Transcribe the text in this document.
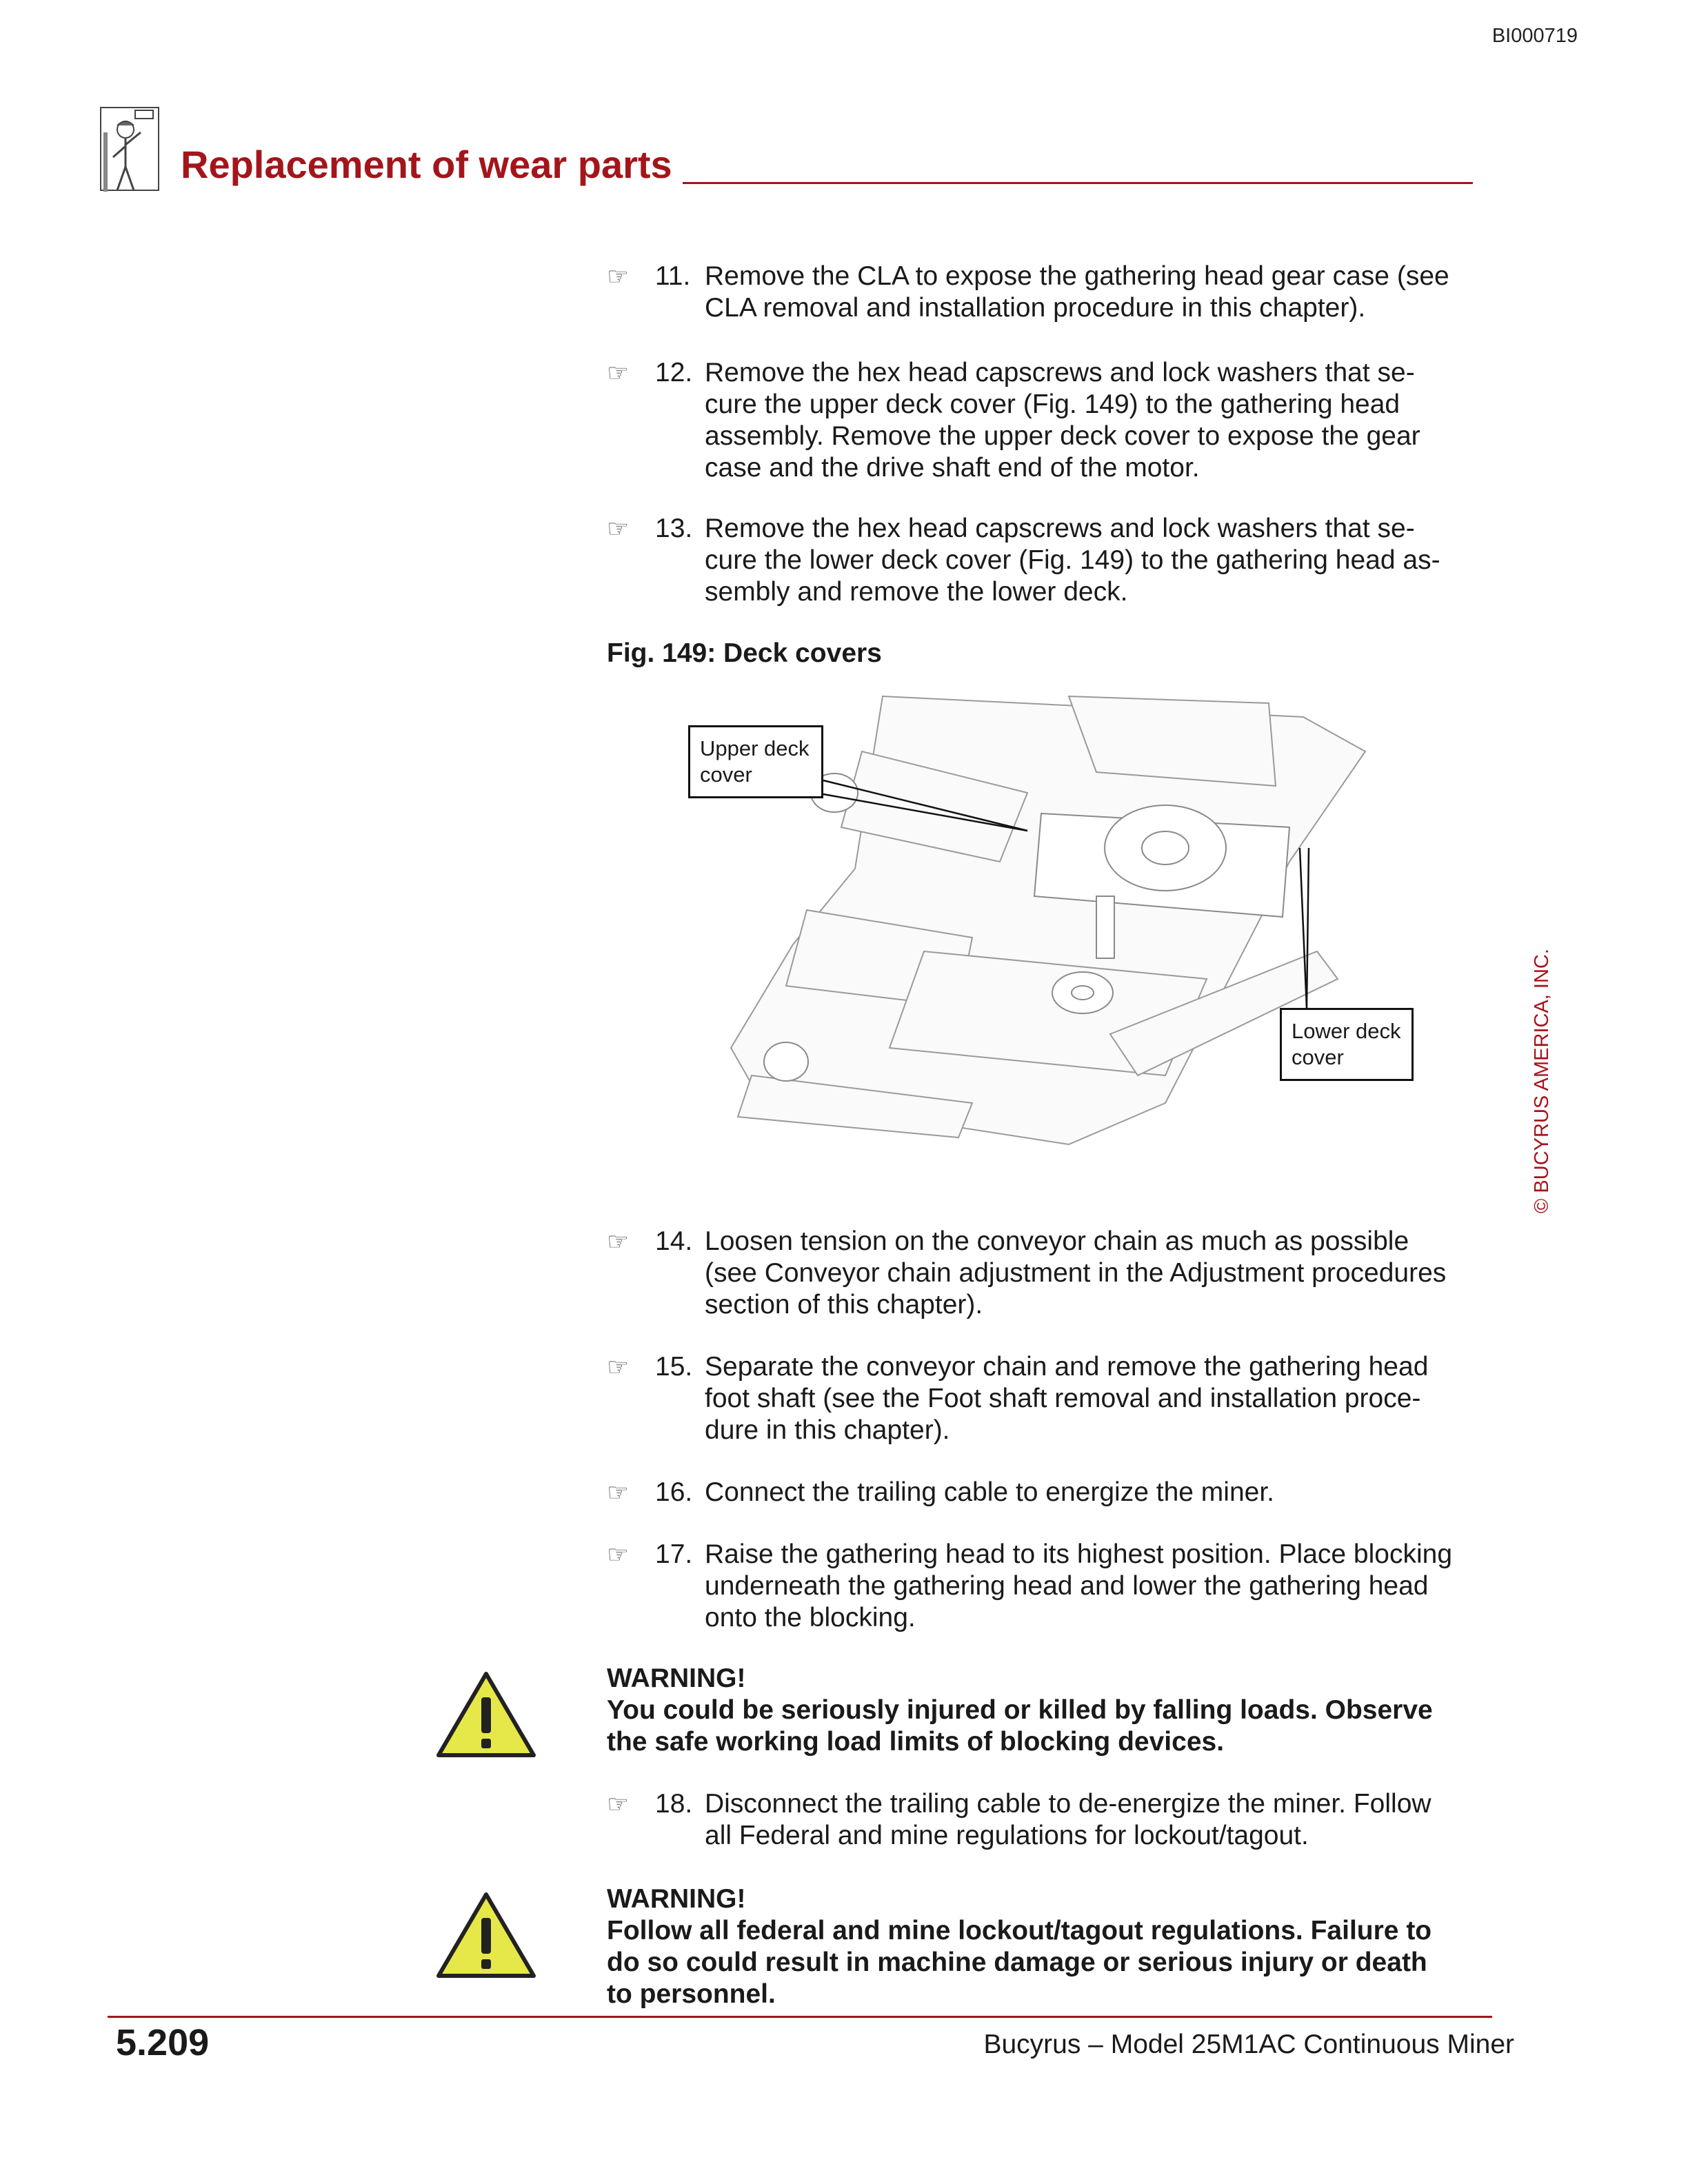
BI000719
Replacement of wear parts
☞ 11. Remove the CLA to expose the gathering head gear case (see
CLA removal and installation procedure in this chapter).
☞ 12. Remove the hex head capscrews and lock washers that se-
cure the upper deck cover (Fig. 149) to the gathering head
assembly. Remove the upper deck cover to expose the gear
case and the drive shaft end of the motor.
☞ 13. Remove the hex head capscrews and lock washers that se-
cure the lower deck cover (Fig. 149) to the gathering head as-
sembly and remove the lower deck.
Fig. 149: Deck covers
Upper deck
cover
Lower deck
cover	© BUCYRUS AMERICA, INC.
☞ 14. Loosen tension on the conveyor chain as much as possible
(see Conveyor chain adjustment in the Adjustment procedures
section of this chapter).
☞ 15. Separate the conveyor chain and remove the gathering head
foot shaft (see the Foot shaft removal and installation proce-
dure in this chapter).
☞ 16. Connect the trailing cable to energize the miner.
☞ 17. Raise the gathering head to its highest position. Place blocking
underneath the gathering head and lower the gathering head
onto the blocking.
WARNING!
You could be seriously injured or killed by falling loads. Observe
the safe working load limits of blocking devices.
☞ 18. Disconnect the trailing cable to de-energize the miner. Follow
all Federal and mine regulations for lockout/tagout.
WARNING!
Follow all federal and mine lockout/tagout regulations. Failure to
do so could result in machine damage or serious injury or death
to personnel.
5.209	Bucyrus – Model 25M1AC Continuous Miner
